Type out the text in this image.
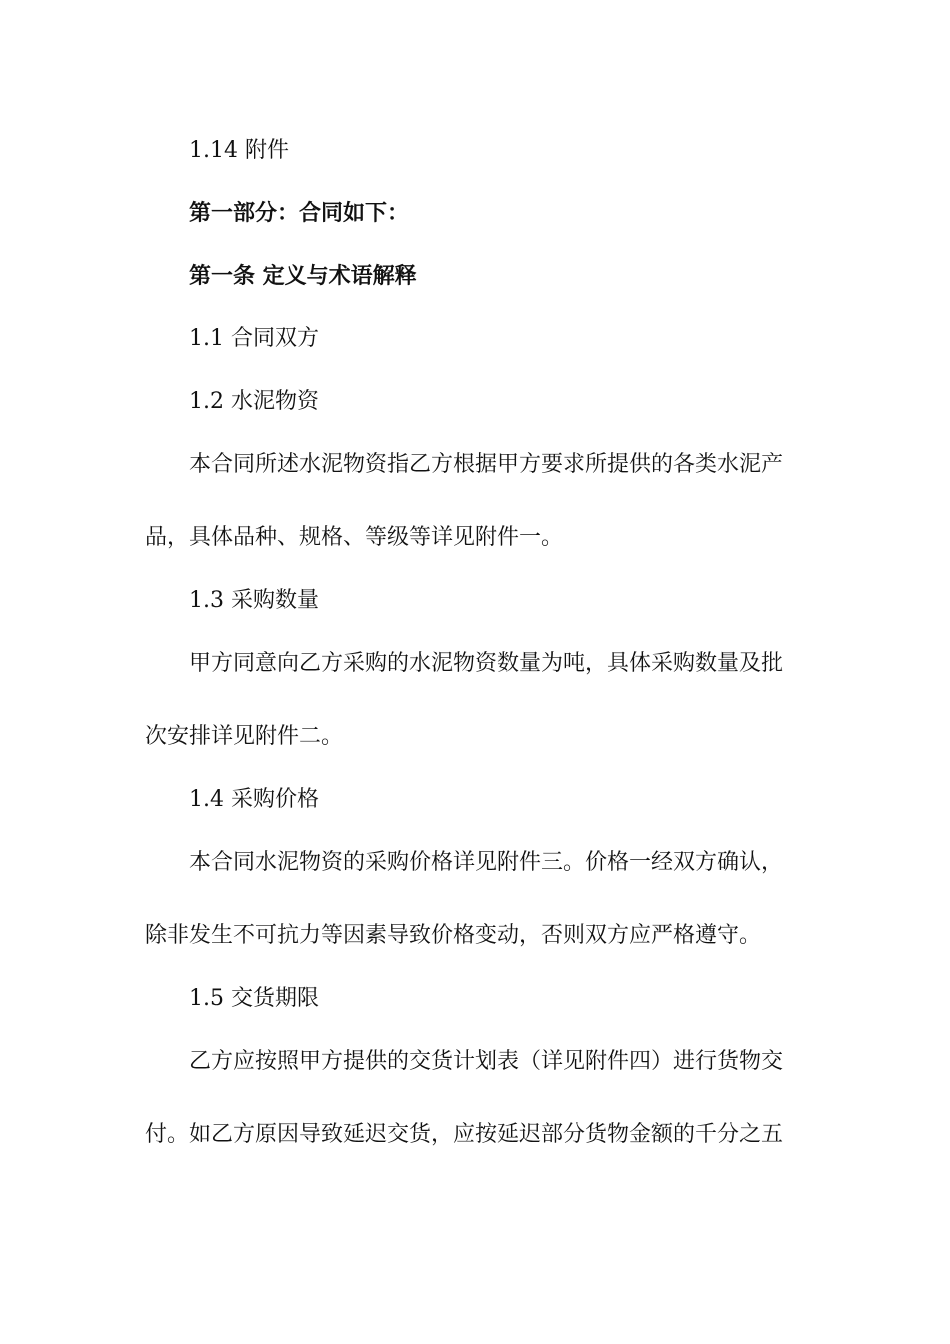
1.14 附件
第一部分：合同如下：
第一条 定义与术语解释
1.1 合同双方
1.2 水泥物资
本合同所述水泥物资指乙方根据甲方要求所提供的各类水泥产
品，具体品种、规格、等级等详见附件一。
1.3 采购数量
甲方同意向乙方采购的水泥物资数量为吨，具体采购数量及批
次安排详见附件二。
1.4 采购价格
本合同水泥物资的采购价格详见附件三。价格一经双方确认，
除非发生不可抗力等因素导致价格变动，否则双方应严格遵守。
1.5 交货期限
乙方应按照甲方提供的交货计划表（详见附件四）进行货物交
付。如乙方原因导致延迟交货，应按延迟部分货物金额的千分之五
